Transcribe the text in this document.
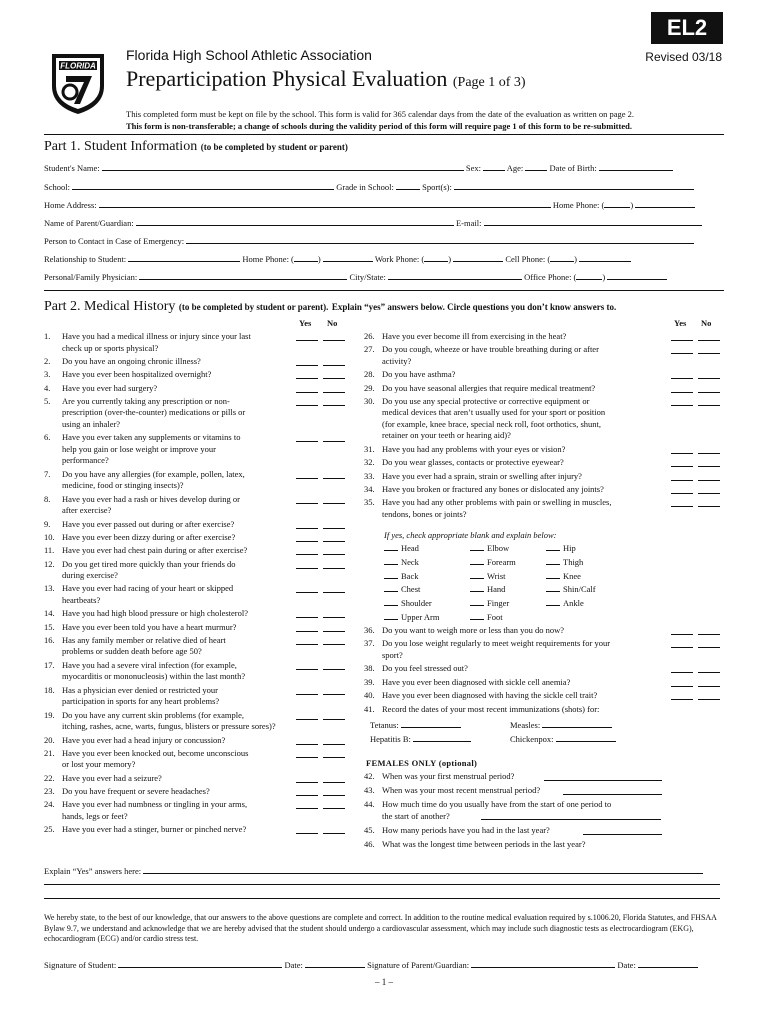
EL2
Revised 03/18
FLORIDA
Florida High School Athletic Association
Preparticipation Physical Evaluation (Page 1 of 3)
This completed form must be kept on file by the school. This form is valid for 365 calendar days from the date of the evaluation as written on page 2.
This form is non-transferable; a change of schools during the validity period of this form will require page 1 of this form to be re-submitted.
Part 1. Student Information (to be completed by student or parent)
Student's Name:	Sex:	Age:	Date of Birth:
School:	Grade in School:	Sport(s):
Home Address:	Home Phone: (	)
Name of Parent/Guardian:	E-mail:
Person to Contact in Case of Emergency:
Relationship to Student:	Home Phone: (	)	Work Phone: (	)	Cell Phone: (	)
Personal/Family Physician:	City/State:	Office Phone: (	)
Part 2. Medical History (to be completed by student or parent). Explain “yes” answers below. Circle questions you don’t know answers to.
Yes No	Yes No
If yes, check appropriate blank and explain below:
Tetanus:	Measles:
Hepatitis B:	Chickenpox:
FEMALES ONLY (optional)
Explain “Yes” answers here:
We hereby state, to the best of our knowledge, that our answers to the above questions are complete and correct. In addition to the routine medical evaluation required by s.1006.20, Florida Statutes, and FHSAA Bylaw 9.7, we understand and acknowledge that we are hereby advised that the student should undergo a cardiovascular assessment, which may include such diagnostic tests as electrocardiogram (EKG), echocardiogram (ECG) and/or cardio stress test.
Signature of Student:	Date:	Signature of Parent/Guardian:	Date:
– 1 –
1. Have you had a medical illness or injury since your last
check up or sports physical?
2. Do you have an ongoing chronic illness?
3. Have you ever been hospitalized overnight?
4. Have you ever had surgery?
5. Are you currently taking any prescription or non-
prescription (over-the-counter) medications or pills or
using an inhaler?
6. Have you ever taken any supplements or vitamins to
help you gain or lose weight or improve your
performance?
7. Do you have any allergies (for example, pollen, latex,
medicine, food or stinging insects)?
8. Have you ever had a rash or hives develop during or
after exercise?
9. Have you ever passed out during or after exercise?
10. Have you ever been dizzy during or after exercise?
11. Have you ever had chest pain during or after exercise?
12. Do you get tired more quickly than your friends do
during exercise?
13. Have you ever had racing of your heart or skipped
heartbeats?
14. Have you had high blood pressure or high cholesterol?
15. Have you ever been told you have a heart murmur?
16. Has any family member or relative died of heart
problems or sudden death before age 50?
17. Have you had a severe viral infection (for example,
myocarditis or mononucleosis) within the last month?
18. Has a physician ever denied or restricted your
participation in sports for any heart problems?
19. Do you have any current skin problems (for example,
itching, rashes, acne, warts, fungus, blisters or pressure sores)?
20. Have you ever had a head injury or concussion?
21. Have you ever been knocked out, become unconscious
or lost your memory?
22. Have you ever had a seizure?
23. Do you have frequent or severe headaches?
24. Have you ever had numbness or tingling in your arms,
hands, legs or feet?
25. Have you ever had a stinger, burner or pinched nerve?
26. Have you ever become ill from exercising in the heat?
27. Do you cough, wheeze or have trouble breathing during or after
activity?
28. Do you have asthma?
29. Do you have seasonal allergies that require medical treatment?
30. Do you use any special protective or corrective equipment or
medical devices that aren’t usually used for your sport or position
(for example, knee brace, special neck roll, foot orthotics, shunt,
retainer on your teeth or hearing aid)?
31. Have you had any problems with your eyes or vision?
32. Do you wear glasses, contacts or protective eyewear?
33. Have you ever had a sprain, strain or swelling after injury?
34. Have you broken or fractured any bones or dislocated any joints?
35. Have you had any other problems with pain or swelling in muscles,
tendons, bones or joints?
Head	Elbow	Hip
Neck	Forearm	Thigh
Back	Wrist	Knee
Chest	Hand	Shin/Calf
Shoulder	Finger	Ankle
Upper Arm	Foot
36. Do you want to weigh more or less than you do now?
37. Do you lose weight regularly to meet weight requirements for your
sport?
38. Do you feel stressed out?
39. Have you ever been diagnosed with sickle cell anemia?
40. Have you ever been diagnosed with having the sickle cell trait?
41. Record the dates of your most recent immunizations (shots) for:
42. When was your first menstrual period?
43. When was your most recent menstrual period?
44. How much time do you usually have from the start of one period to
the start of another?
45. How many periods have you had in the last year?
46. What was the longest time between periods in the last year?
